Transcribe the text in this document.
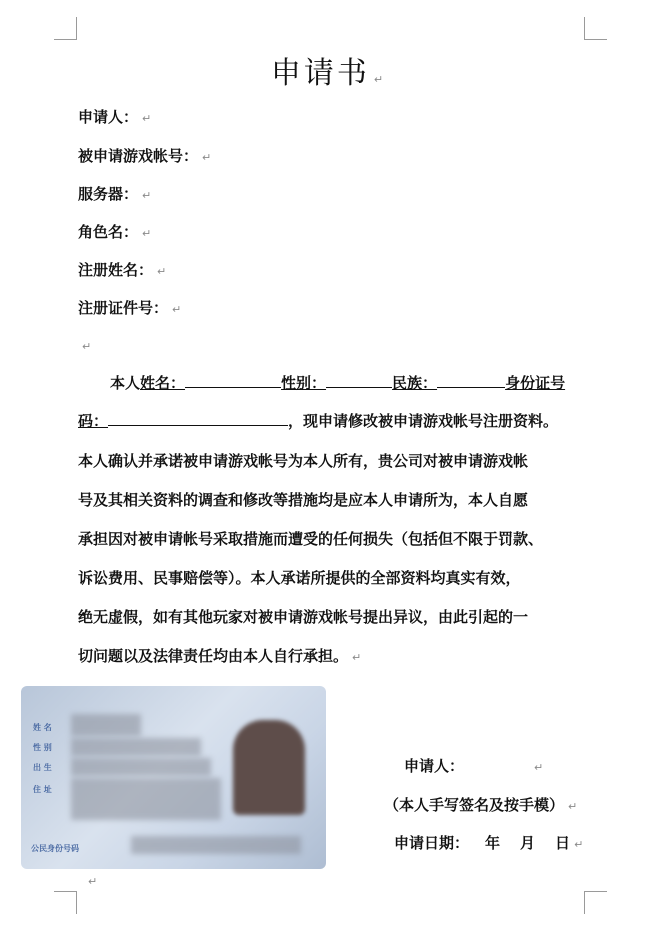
申请书 ↵
申请人： ↵
被申请游戏帐号： ↵
服务器： ↵
角色名： ↵
注册姓名： ↵
注册证件号： ↵
↵
本人姓名：	性别：	民族：	身份证号
码：	，现申请修改被申请游戏帐号注册资料。
本人确认并承诺被申请游戏帐号为本人所有，贵公司对被申请游戏帐
号及其相关资料的调查和修改等措施均是应本人申请所为，本人自愿
承担因对被申请帐号采取措施而遭受的任何损失（包括但不限于罚款、
诉讼费用、民事赔偿等）。本人承诺所提供的全部资料均真实有效，
绝无虚假，如有其他玩家对被申请游戏帐号提出异议，由此引起的一
切问题以及法律责任均由本人自行承担。 ↵
姓 名
性 别
出 生
住 址
公民身份号码
↵
申请人：	↵
（本人手写签名及按手模） ↵
申请日期： 年 月 日 ↵
